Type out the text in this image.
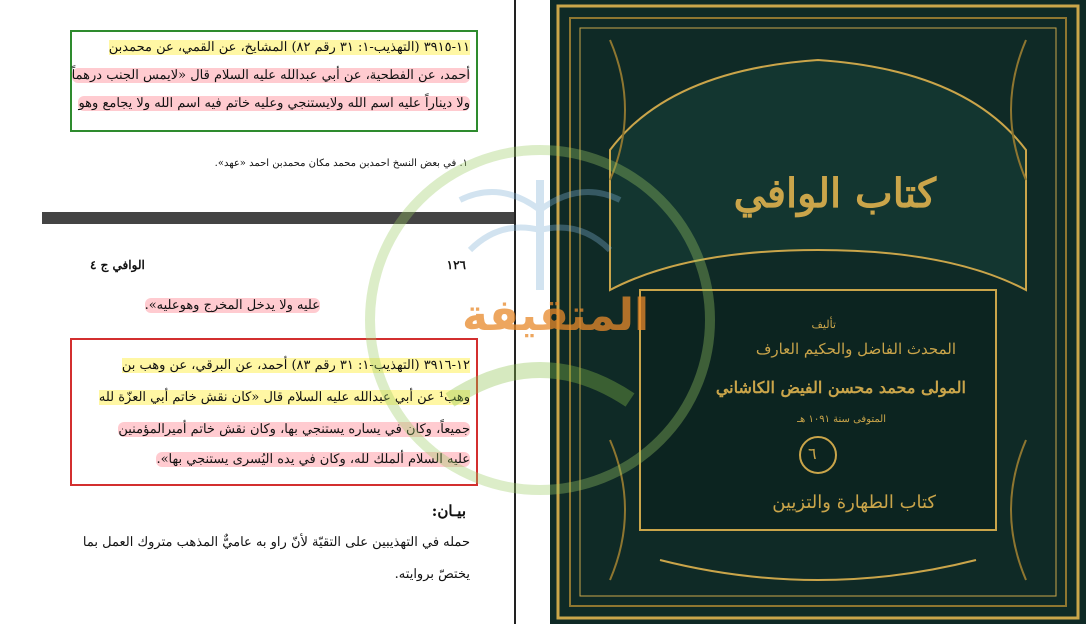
١١-٣٩١٥ (التهذيب-١: ٣١ رقم ٨٢) المشايخ، عن القمي، عن محمدبن
أحمد، عن الفطحية، عن أبي عبدالله عليه السلام قال «لايمس الجنب درهماً
ولا ديناراً عليه اسم الله ولايستنجي وعليه خاتم فيه اسم الله ولا يجامع وهو
١. في بعض النسخ احمدبن محمد مكان محمدبن احمد «عهد».
١٢٦
الوافي ج ٤
عليه ولا يدخل المخرج وهوعليه».
١٢-٣٩١٦ (التهذيب-١: ٣١ رقم ٨٣) أحمد، عن البرقي، عن وهب بن
وهب¹ عن أبي عبدالله عليه السلام قال «كان نقش خاتم أبي العزّة لله
جميعاً، وكان في يساره يستنجي بها، وكان نقش خاتم أميرالمؤمنين
عليه السلام ألملك لله، وكان في يده اليُسرى يستنجي بها».
بيـان:
حمله في التهذيبين على التقيّة لأنّ راو به عاميٌّ المذهب متروك العمل بما
يختصّ بروايته.
كتاب الوافي
تأليف
المحدث الفاضل والحكيم العارف
المولى محمد محسن الفيض الكاشاني
المتوفى سنة ١٠٩١ هـ
٦
كتاب الطهارة والتزيين
المتقيفة
